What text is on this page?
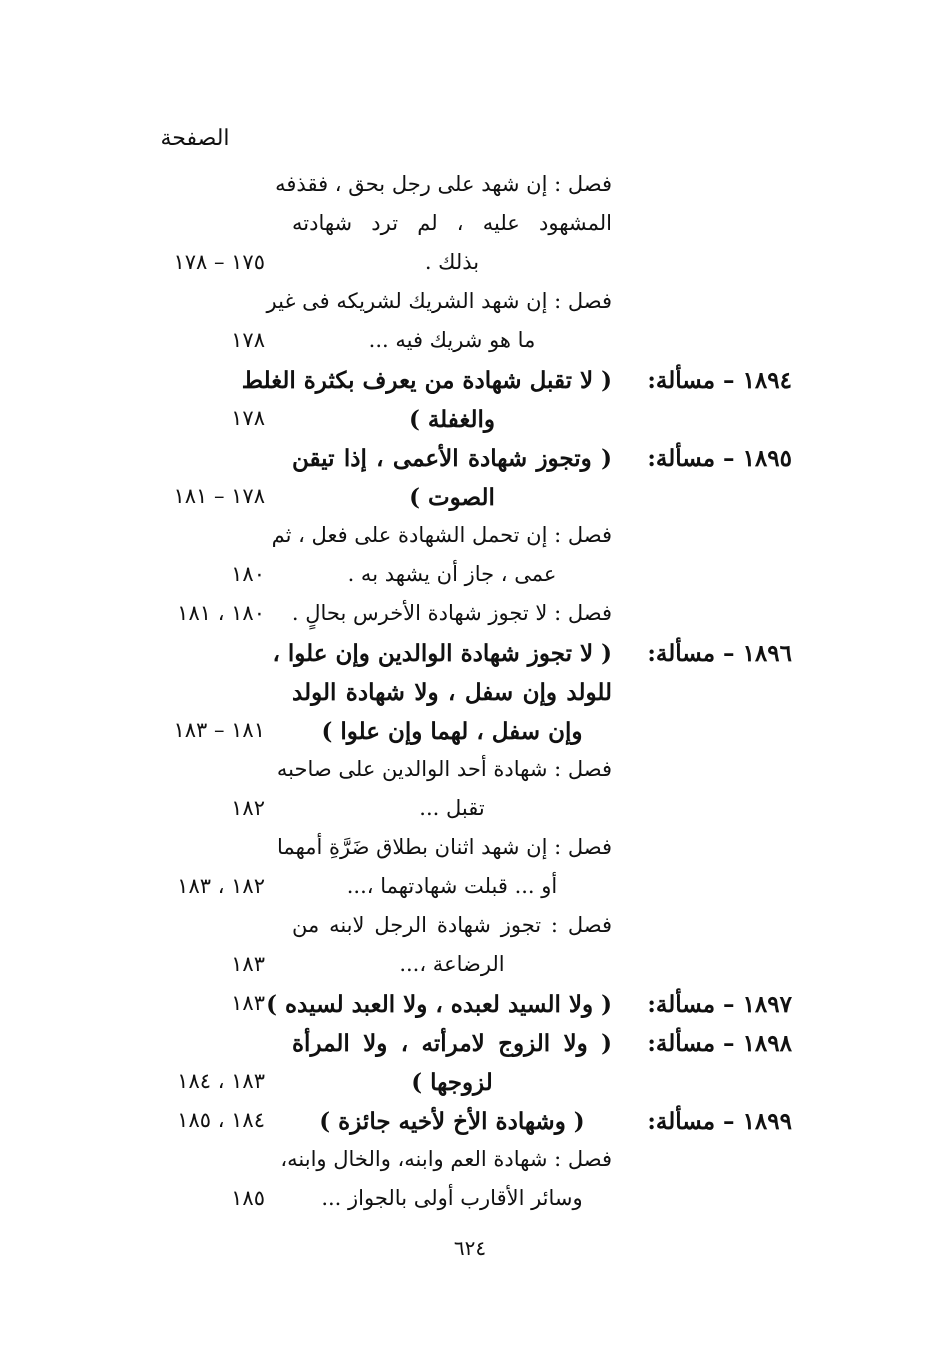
الصفحة
فصل : إن شهد على رجل بحق ، فقذفه
المشهود عليه ، لم ترد شهادته
بذلك .
١٧٥ – ١٧٨
فصل : إن شهد الشريك لشريكه فى غير
ما هو شريك فيه ...
١٧٨
١٨٩٤ – مسألة:
( لا تقبل شهادة من يعرف بكثرة الغلط
والغفلة )
١٧٨
١٨٩٥ – مسألة:
( وتجوز شهادة الأعمى ، إذا تيقن
الصوت )
١٧٨ – ١٨١
فصل : إن تحمل الشهادة على فعل ، ثم
عمى ، جاز أن يشهد به .
١٨٠
فصل : لا تجوز شهادة الأخرس بحالٍ .
١٨٠ ، ١٨١
١٨٩٦ – مسألة:
( لا تجوز شهادة الوالدين وإن علوا ،
للولد وإن سفل ، ولا شهادة الولد
وإن سفل ، لهما وإن علوا )
١٨١ – ١٨٣
فصل : شهادة أحد الوالدين على صاحبه
تقبل ...
١٨٢
فصل : إن شهد اثنان بطلاق ضَرَّةِ أمهما
أو ... قبلت شهادتهما ،...
١٨٢ ، ١٨٣
فصل : تجوز شهادة الرجل لابنه من
الرضاعة ،...
١٨٣
١٨٩٧ – مسألة:
( ولا السيد لعبده ، ولا العبد لسيده )
١٨٣
١٨٩٨ – مسألة:
( ولا الزوج لامرأته ، ولا المرأة
لزوجها )
١٨٣ ، ١٨٤
١٨٩٩ – مسألة:
( وشهادة الأخ لأخيه جائزة )
١٨٤ ، ١٨٥
فصل : شهادة العم وابنه، والخال وابنه،
وسائر الأقارب أولى بالجواز ...
١٨٥
٦٢٤
